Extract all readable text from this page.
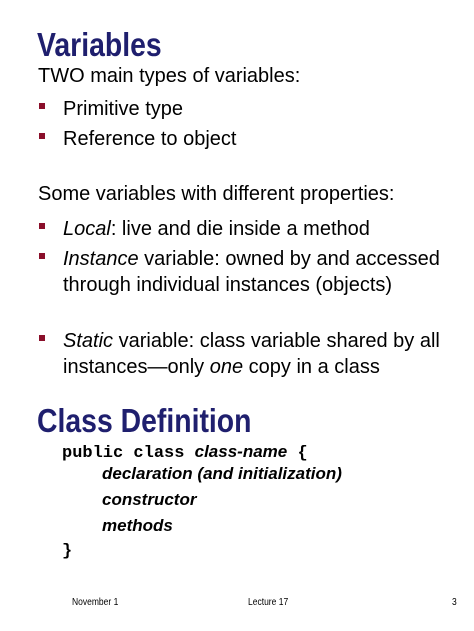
Variables
TWO main types of variables:
Primitive type
Reference to object
Some variables with different properties:
Local: live and die inside a method
Instance variable: owned by and accessed through individual instances (objects)
Static variable: class variable shared by all instances—only one copy in a class
Class Definition
public class class-name {
declaration (and initialization)
constructor
methods
}
November 1	Lecture 17	3
